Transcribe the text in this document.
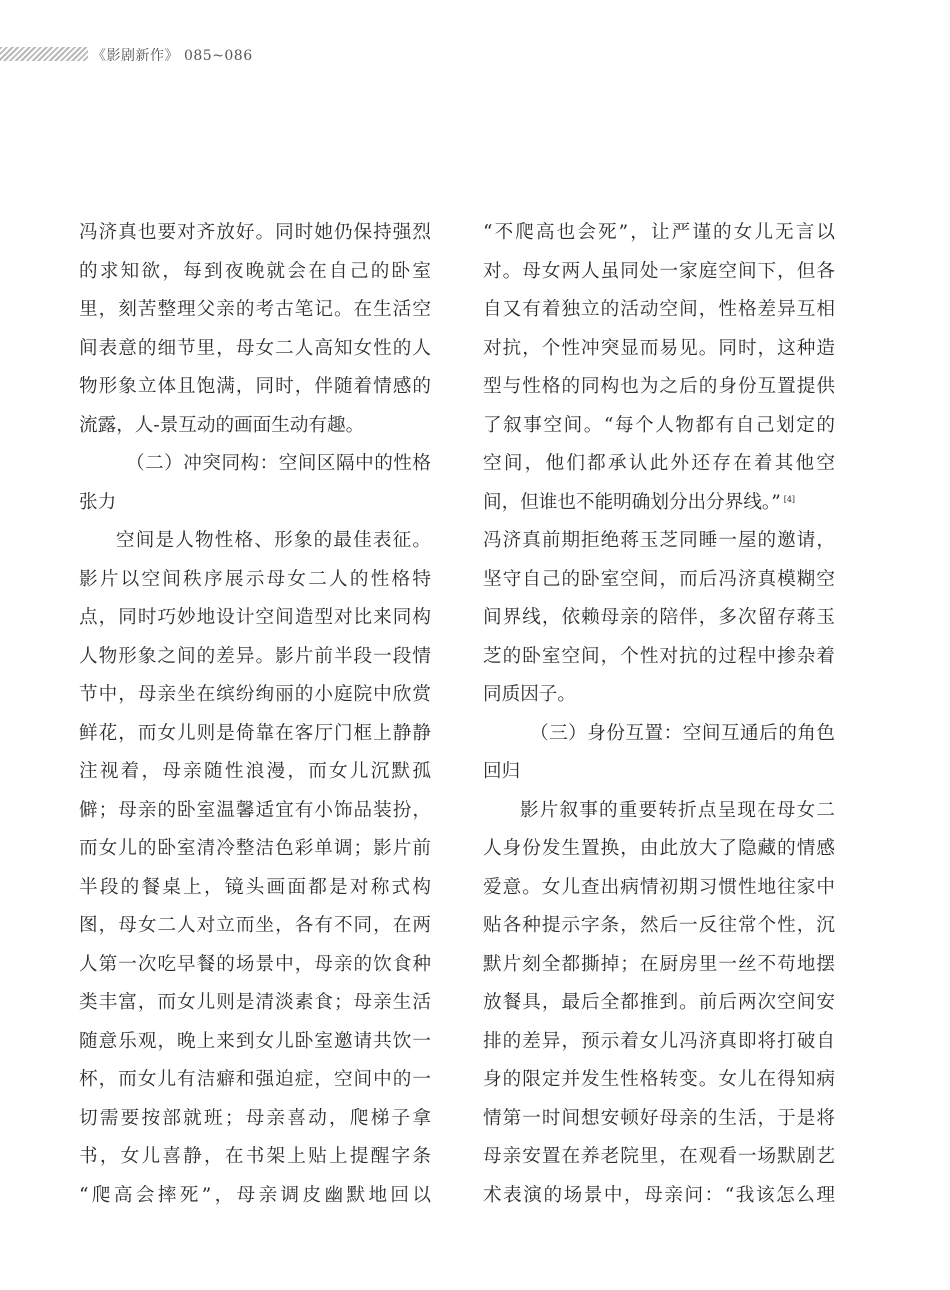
《影剧新作》 085~086
冯济真也要对齐放好。同时她仍保持强烈
的求知欲，每到夜晚就会在自己的卧室
里，刻苦整理父亲的考古笔记。在生活空
间表意的细节里，母女二人高知女性的人
物形象立体且饱满，同时，伴随着情感的
流露，人-景互动的画面生动有趣。
（二）冲突同构：空间区隔中的性格
张力
空间是人物性格、形象的最佳表征。
影片以空间秩序展示母女二人的性格特
点，同时巧妙地设计空间造型对比来同构
人物形象之间的差异。影片前半段一段情
节中，母亲坐在缤纷绚丽的小庭院中欣赏
鲜花，而女儿则是倚靠在客厅门框上静静
注视着，母亲随性浪漫，而女儿沉默孤
僻；母亲的卧室温馨适宜有小饰品装扮，
而女儿的卧室清冷整洁色彩单调；影片前
半段的餐桌上，镜头画面都是对称式构
图，母女二人对立而坐，各有不同，在两
人第一次吃早餐的场景中，母亲的饮食种
类丰富，而女儿则是清淡素食；母亲生活
随意乐观，晚上来到女儿卧室邀请共饮一
杯，而女儿有洁癖和强迫症，空间中的一
切需要按部就班；母亲喜动，爬梯子拿
书，女儿喜静，在书架上贴上提醒字条
“爬高会摔死”，母亲调皮幽默地回以
“不爬高也会死”，让严谨的女儿无言以
对。母女两人虽同处一家庭空间下，但各
自又有着独立的活动空间，性格差异互相
对抗，个性冲突显而易见。同时，这种造
型与性格的同构也为之后的身份互置提供
了叙事空间。“每个人物都有自己划定的
空间，他们都承认此外还存在着其他空
间，但谁也不能明确划分出分界线。” [4]
冯济真前期拒绝蒋玉芝同睡一屋的邀请，
坚守自己的卧室空间，而后冯济真模糊空
间界线，依赖母亲的陪伴，多次留存蒋玉
芝的卧室空间，个性对抗的过程中掺杂着
同质因子。
（三）身份互置：空间互通后的角色
回归
影片叙事的重要转折点呈现在母女二
人身份发生置换，由此放大了隐藏的情感
爱意。女儿查出病情初期习惯性地往家中
贴各种提示字条，然后一反往常个性，沉
默片刻全都撕掉；在厨房里一丝不苟地摆
放餐具，最后全都推到。前后两次空间安
排的差异，预示着女儿冯济真即将打破自
身的限定并发生性格转变。女儿在得知病
情第一时间想安顿好母亲的生活，于是将
母亲安置在养老院里，在观看一场默剧艺
术表演的场景中，母亲问：“我该怎么理
